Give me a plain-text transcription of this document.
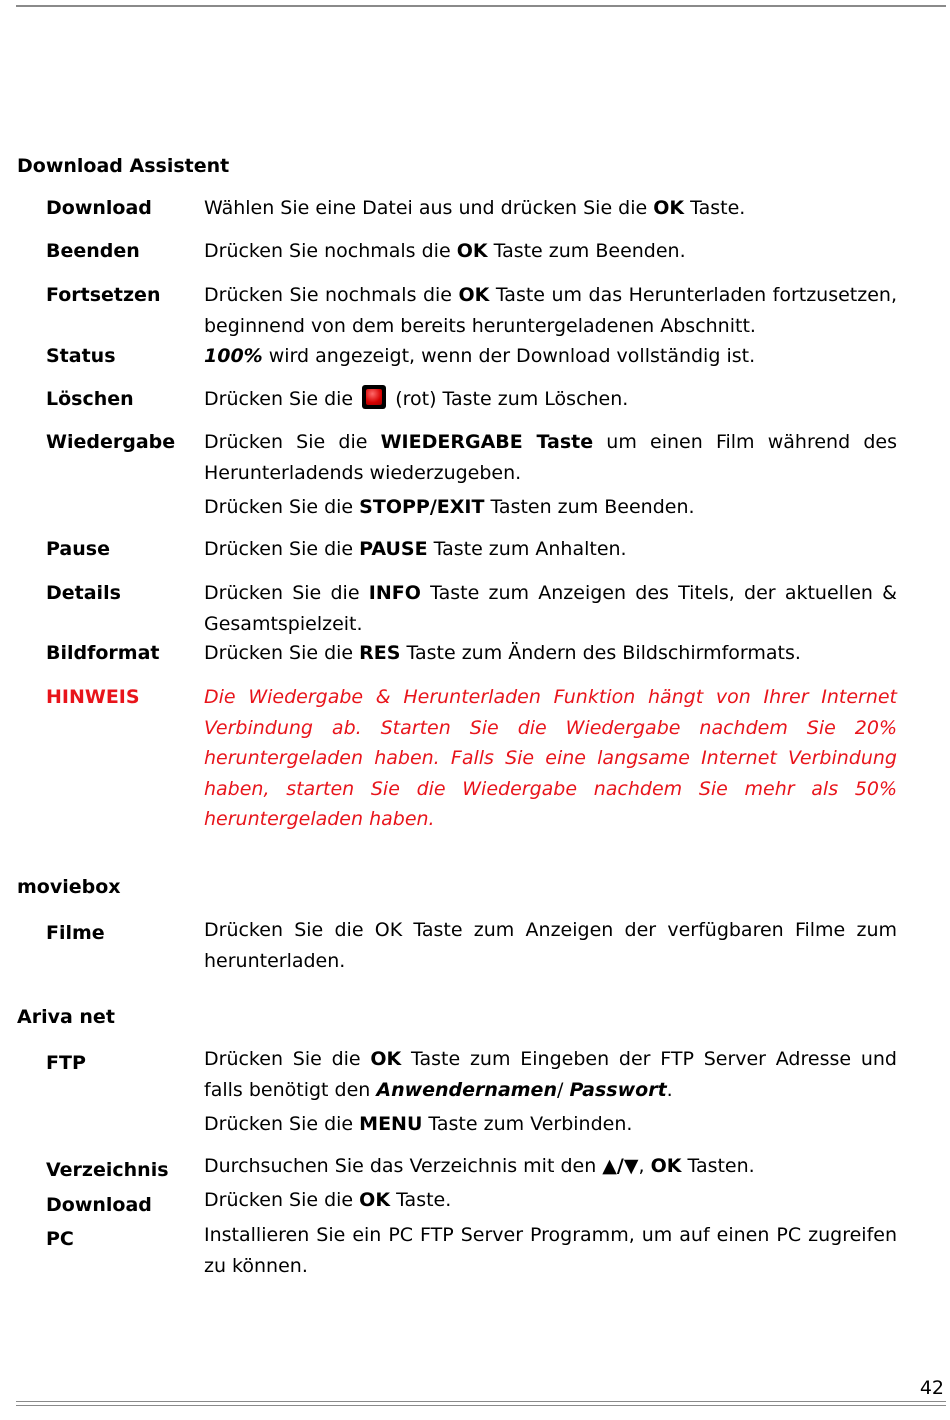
Download Assistent
Download	Wählen Sie eine Datei aus und drücken Sie die OK Taste.
Beenden	Drücken Sie nochmals die OK Taste zum Beenden.
Fortsetzen Drücken Sie nochmals die OK Taste um das Herunterladen fortzusetzen, beginnend von dem bereits heruntergeladenen Abschnitt.
Status	100% wird angezeigt, wenn der Download vollständig ist.
Löschen	Drücken Sie die (rot) Taste zum Löschen.
Wiedergabe Drücken Sie die WIEDERGABE Taste um einen Film während des Herunterladends wiederzugeben.
Drücken Sie die STOPP/EXIT Tasten zum Beenden.
Pause	Drücken Sie die PAUSE Taste zum Anhalten.
Details	Drücken Sie die INFO Taste zum Anzeigen des Titels, der aktuellen & Gesamtspielzeit.
Bildformat Drücken Sie die RES Taste zum Ändern des Bildschirmformats.
HINWEIS	Die Wiedergabe & Herunterladen Funktion hängt von Ihrer Internet Verbindung ab. Starten Sie die Wiedergabe nachdem Sie 20% heruntergeladen haben. Falls Sie eine langsame Internet Verbindung haben, starten Sie die Wiedergabe nachdem Sie mehr als 50% heruntergeladen haben.
moviebox
Filme	Drücken Sie die OK Taste zum Anzeigen der verfügbaren Filme zum herunterladen.
Ariva net
FTP	Drücken Sie die OK Taste zum Eingeben der FTP Server Adresse und falls benötigt den Anwendernamen/ Passwort.
Drücken Sie die MENU Taste zum Verbinden.
Verzeichnis Durchsuchen Sie das Verzeichnis mit den ▲/▼, OK Tasten.
Download	Drücken Sie die OK Taste.
PC	Installieren Sie ein PC FTP Server Programm, um auf einen PC zugreifen zu können.
42
